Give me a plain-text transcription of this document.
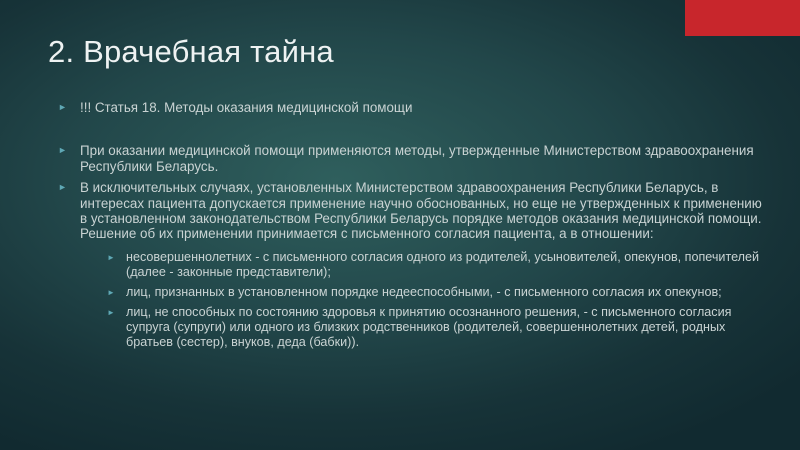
2. Врачебная тайна
► !!! Статья 18. Методы оказания медицинской помощи
► При оказании медицинской помощи применяются методы, утвержденные Министерством здравоохранения Республики Беларусь.
► В исключительных случаях, установленных Министерством здравоохранения Республики Беларусь, в интересах пациента допускается применение научно обоснованных, но еще не утвержденных к применению в установленном законодательством Республики Беларусь порядке методов оказания медицинской помощи. Решение об их применении принимается с письменного согласия пациента, а в отношении:
► несовершеннолетних - с письменного согласия одного из родителей, усыновителей, опекунов, попечителей (далее - законные представители);
► лиц, признанных в установленном порядке недееспособными, - с письменного согласия их опекунов;
► лиц, не способных по состоянию здоровья к принятию осознанного решения, - с письменного согласия супруга (супруги) или одного из близких родственников (родителей, совершеннолетних детей, родных братьев (сестер), внуков, деда (бабки)).
